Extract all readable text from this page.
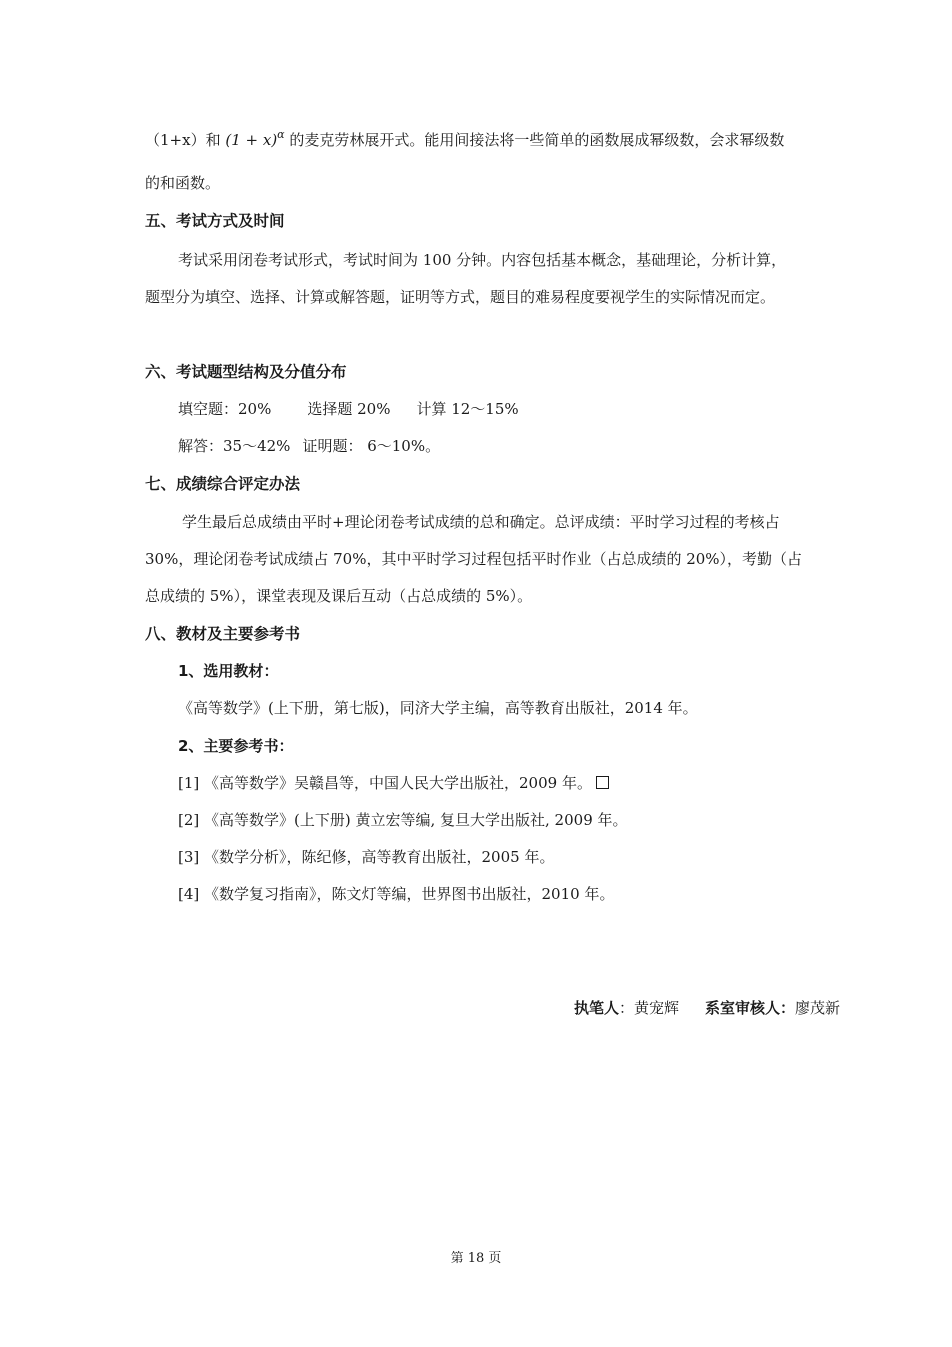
（1+x）和 $(1 + x)^\alpha$ 的麦克劳林展开式。能用间接法将一些简单的函数展成幂级数，会求幂级数
的和函数。
五、考试方式及时间
考试采用闭卷考试形式，考试时间为 100 分钟。内容包括基本概念，基础理论，分析计算，
题型分为填空、选择、计算或解答题，证明等方式，题目的难易程度要视学生的实际情况而定。
六、考试题型结构及分值分布
填空题：20% 选择题 20% 计算 12～15%
解答：35～42% 证明题： 6～10%。
七、成绩综合评定办法
学生最后总成绩由平时+理论闭卷考试成绩的总和确定。总评成绩：平时学习过程的考核占
30%，理论闭卷考试成绩占 70%，其中平时学习过程包括平时作业（占总成绩的 20%），考勤（占
总成绩的 5%），课堂表现及课后互动（占总成绩的 5%）。
八、教材及主要参考书
1、选用教材：
《高等数学》(上下册，第七版)，同济大学主编，高等教育出版社，2014 年。
2、主要参考书：
[1] 《高等数学》吴赣昌等，中国人民大学出版社，2009 年。
[2] 《高等数学》(上下册) 黄立宏等编, 复旦大学出版社, 2009 年。
[3] 《数学分析》，陈纪修，高等教育出版社，2005 年。
[4] 《数学复习指南》，陈文灯等编，世界图书出版社，2010 年。
执笔人：黄宠辉 系室审核人：廖茂新
第 18 页
